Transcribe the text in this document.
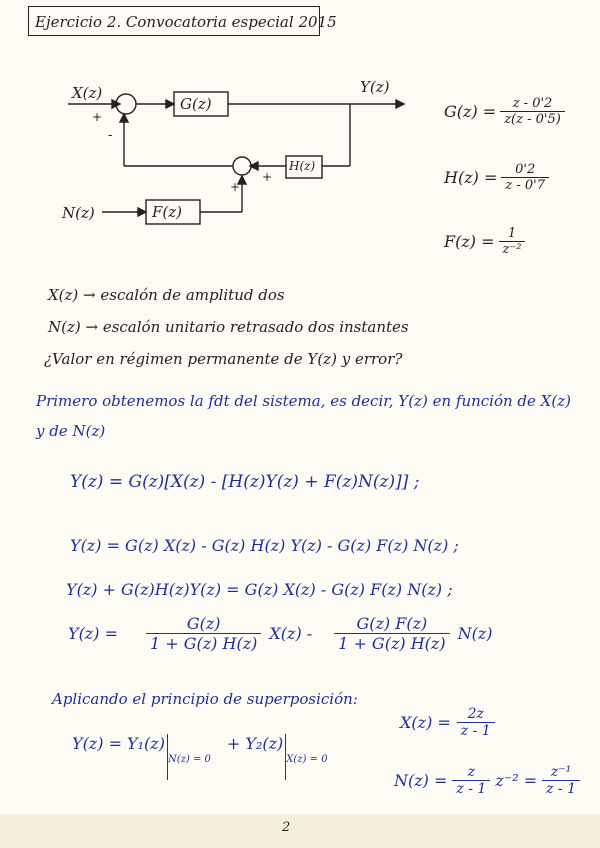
Ejercicio 2. Convocatoria especial 2015
X(z)	Y(z)
N(z)
G(z)
H(z)
F(z)
+
-
+
+
$G(z) = \frac{z - 0'2}{z(z - 0'5)}$
$H(z) = \frac{0'2}{z - 0'7}$
$F(z) = \frac{1}{\text{z⁻²}}$
X(z) → escalón de amplitud dos
N(z) → escalón unitario retrasado dos instantes
¿Valor en régimen permanente de Y(z) y error?
Primero obtenemos la fdt del sistema, es decir, Y(z) en función de X(z)
y de N(z)
Y(z) = G(z)[X(z) - [H(z)Y(z) + F(z)N(z)]] ;
Y(z) = G(z) X(z) - G(z) H(z) Y(z) - G(z) F(z) N(z) ;
Y(z) + G(z)H(z)Y(z) = G(z) X(z) - G(z) F(z) N(z) ;
$Y(z) = \frac{G(z)}{1 + G(z) H(z)} X(z) - \frac{G(z) F(z)}{1 + G(z) H(z)} N(z)$
Aplicando el principio de superposición:
Y(z) = Y₁(z)
N(z) = 0
+ Y₂(z)
X(z) = 0
$X(z) = \frac{2z}{z - 1}$
$N(z) = \frac{z}{z - 1} z^{-2} = \frac{\text{z⁻¹}}{z - 1}$
2
